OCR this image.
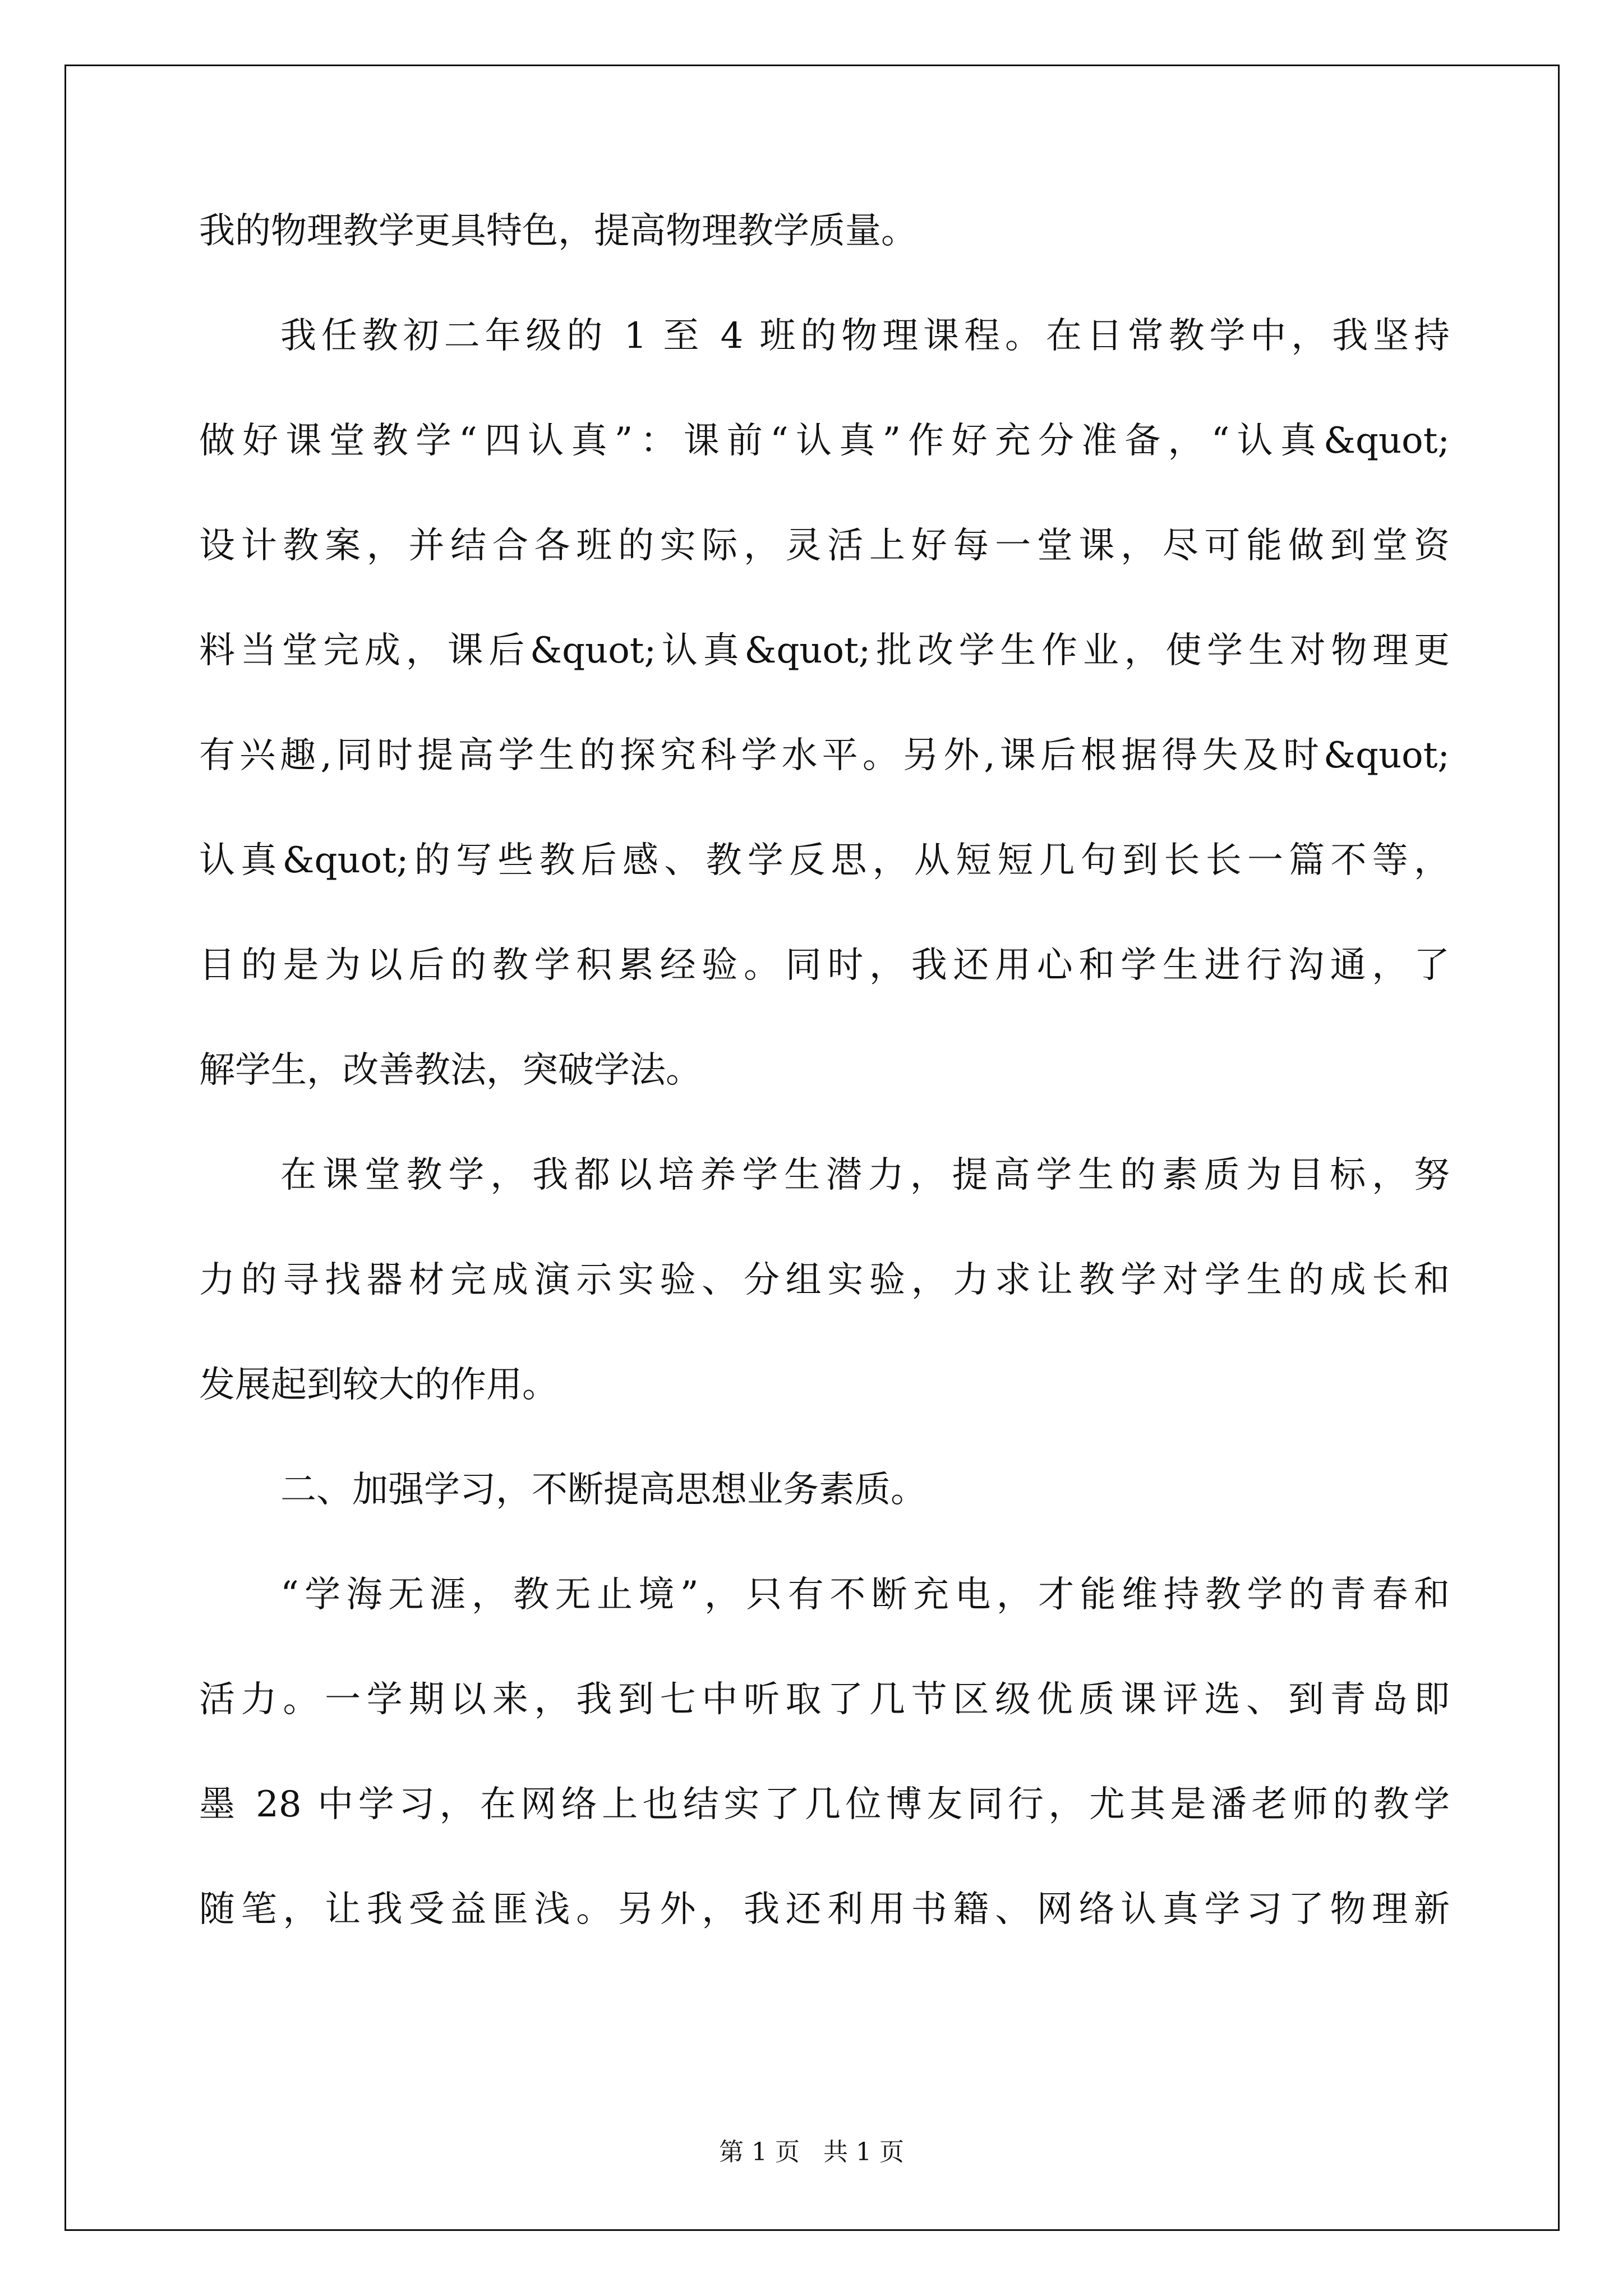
我的物理教学更具特色，提高物理教学质量。
我任教初二年级的 1 至 4 班的物理课程。在日常教学中，我坚持
做好课堂教学“四认真”：课前“认真”作好充分准备，“认真&quot;
设计教案，并结合各班的实际，灵活上好每一堂课，尽可能做到堂资
料当堂完成，课后&quot;认真&quot;批改学生作业，使学生对物理更
有兴趣,同时提高学生的探究科学水平。另外,课后根据得失及时&quot;
认真&quot;的写些教后感、教学反思，从短短几句到长长一篇不等，
目的是为以后的教学积累经验。同时，我还用心和学生进行沟通，了
解学生，改善教法，突破学法。
在课堂教学，我都以培养学生潜力，提高学生的素质为目标，努
力的寻找器材完成演示实验、分组实验，力求让教学对学生的成长和
发展起到较大的作用。
二、加强学习，不断提高思想业务素质。
“学海无涯，教无止境”，只有不断充电，才能维持教学的青春和
活力。一学期以来，我到七中听取了几节区级优质课评选、到青岛即
墨 28 中学习，在网络上也结实了几位博友同行，尤其是潘老师的教学
随笔，让我受益匪浅。另外，我还利用书籍、网络认真学习了物理新
第 1 页 共 1 页
